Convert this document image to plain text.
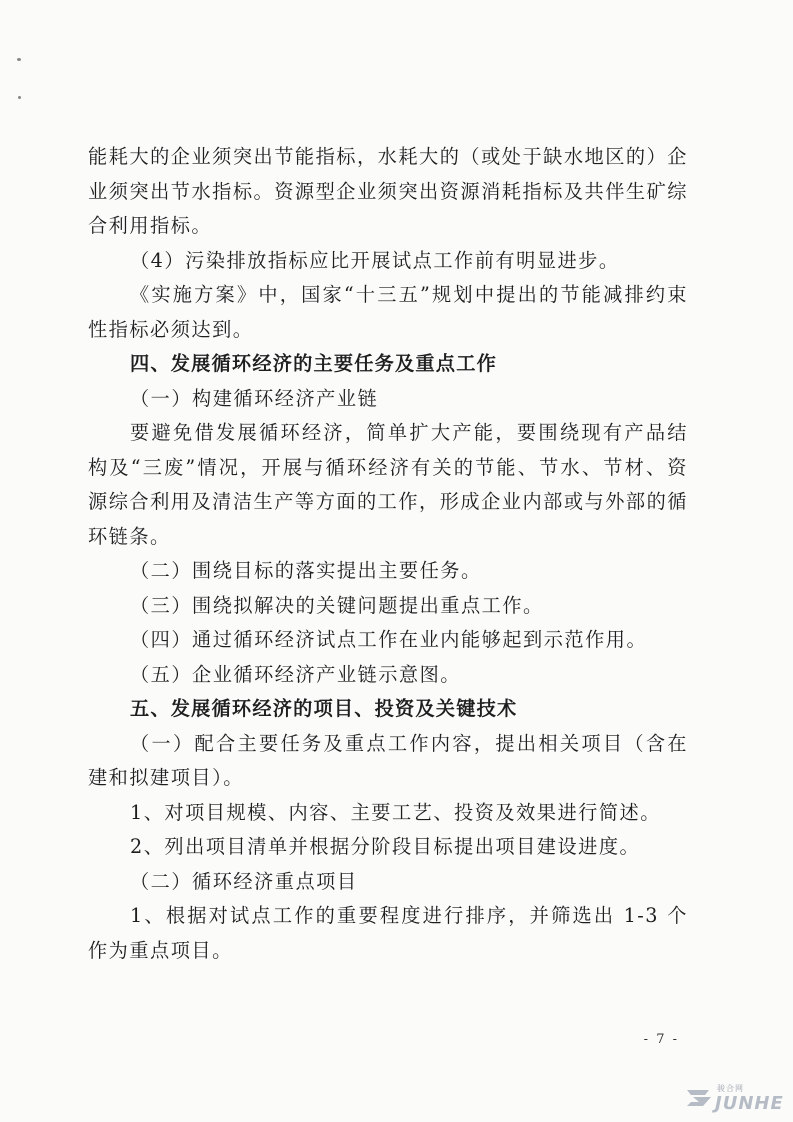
能耗大的企业须突出节能指标，水耗大的（或处于缺水地区的）企业须突出节水指标。资源型企业须突出资源消耗指标及共伴生矿综合利用指标。

（4）污染排放指标应比开展试点工作前有明显进步。

《实施方案》中，国家“十三五”规划中提出的节能减排约束性指标必须达到。

四、发展循环经济的主要任务及重点工作

（一）构建循环经济产业链

要避免借发展循环经济，简单扩大产能，要围绕现有产品结构及“三废”情况，开展与循环经济有关的节能、节水、节材、资源综合利用及清洁生产等方面的工作，形成企业内部或与外部的循环链条。

（二）围绕目标的落实提出主要任务。

（三）围绕拟解决的关键问题提出重点工作。

（四）通过循环经济试点工作在业内能够起到示范作用。

（五）企业循环经济产业链示意图。

五、发展循环经济的项目、投资及关键技术

（一）配合主要任务及重点工作内容，提出相关项目（含在建和拟建项目）。

1、对项目规模、内容、主要工艺、投资及效果进行简述。

2、列出项目清单并根据分阶段目标提出项目建设进度。

（二）循环经济重点项目

1、根据对试点工作的重要程度进行排序，并筛选出 1-3 个作为重点项目。

- 7 -
骏合网
JUNHE
